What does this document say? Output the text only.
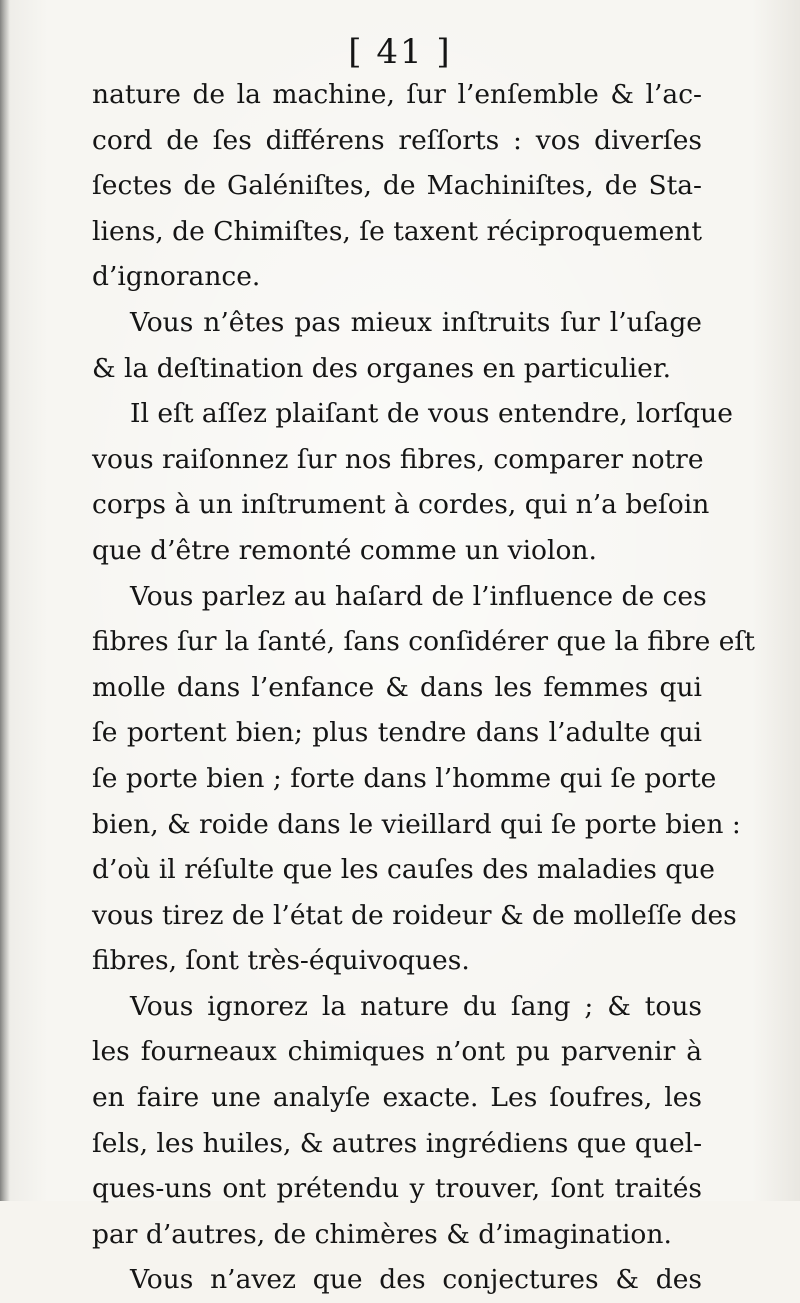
[ 41 ]
nature de la machine, ſur l’enſemble & l’ac-
cord de ſes différens reſſorts : vos diverſes
ſectes de Galéniſtes, de Machiniſtes, de Sta-
liens, de Chimiſtes, ſe taxent réciproquement
d’ignorance.
Vous n’êtes pas mieux inſtruits ſur l’uſage
& la deſtination des organes en particulier.
Il eſt aſſez plaiſant de vous entendre, lorſque
vous raiſonnez ſur nos fibres, comparer notre
corps à un inſtrument à cordes, qui n’a beſoin
que d’être remonté comme un violon.
Vous parlez au haſard de l’influence de ces
fibres ſur la ſanté, ſans conſidérer que la fibre eſt
molle dans l’enfance & dans les femmes qui
ſe portent bien; plus tendre dans l’adulte qui
ſe porte bien ; forte dans l’homme qui ſe porte
bien, & roide dans le vieillard qui ſe porte bien :
d’où il réſulte que les cauſes des maladies que
vous tirez de l’état de roideur & de molleſſe des
fibres, ſont très-équivoques.
Vous ignorez la nature du ſang ; & tous
les fourneaux chimiques n’ont pu parvenir à
en faire une analyſe exacte. Les ſoufres, les
ſels, les huiles, & autres ingrédiens que quel-
ques-uns ont prétendu y trouver, ſont traités
par d’autres, de chimères & d’imagination.
Vous n’avez que des conjectures & des
